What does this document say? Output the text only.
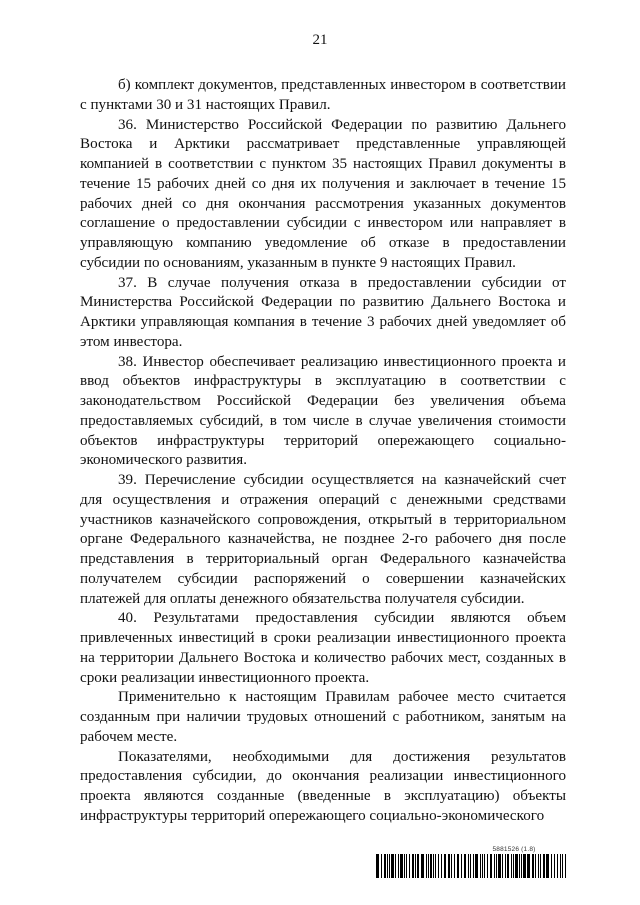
21

б) комплект документов, представленных инвестором в соответствии с пунктами 30 и 31 настоящих Правил.

36. Министерство Российской Федерации по развитию Дальнего Востока и Арктики рассматривает представленные управляющей компанией в соответствии с пунктом 35 настоящих Правил документы в течение 15 рабочих дней со дня их получения и заключает в течение 15 рабочих дней со дня окончания рассмотрения указанных документов соглашение о предоставлении субсидии с инвестором или направляет в управляющую компанию уведомление об отказе в предоставлении субсидии по основаниям, указанным в пункте 9 настоящих Правил.

37. В случае получения отказа в предоставлении субсидии от Министерства Российской Федерации по развитию Дальнего Востока и Арктики управляющая компания в течение 3 рабочих дней уведомляет об этом инвестора.

38. Инвестор обеспечивает реализацию инвестиционного проекта и ввод объектов инфраструктуры в эксплуатацию в соответствии с законодательством Российской Федерации без увеличения объема предоставляемых субсидий, в том числе в случае увеличения стоимости объектов инфраструктуры территорий опережающего социально-экономического развития.

39. Перечисление субсидии осуществляется на казначейский счет для осуществления и отражения операций с денежными средствами участников казначейского сопровождения, открытый в территориальном органе Федерального казначейства, не позднее 2-го рабочего дня после представления в территориальный орган Федерального казначейства получателем субсидии распоряжений о совершении казначейских платежей для оплаты денежного обязательства получателя субсидии.

40. Результатами предоставления субсидии являются объем привлеченных инвестиций в сроки реализации инвестиционного проекта на территории Дальнего Востока и количество рабочих мест, созданных в сроки реализации инвестиционного проекта.

Применительно к настоящим Правилам рабочее место считается созданным при наличии трудовых отношений с работником, занятым на рабочем месте.

Показателями, необходимыми для достижения результатов предоставления субсидии, до окончания реализации инвестиционного проекта являются созданные (введенные в эксплуатацию) объекты инфраструктуры территорий опережающего социально-экономического

5881526 (1.8)
